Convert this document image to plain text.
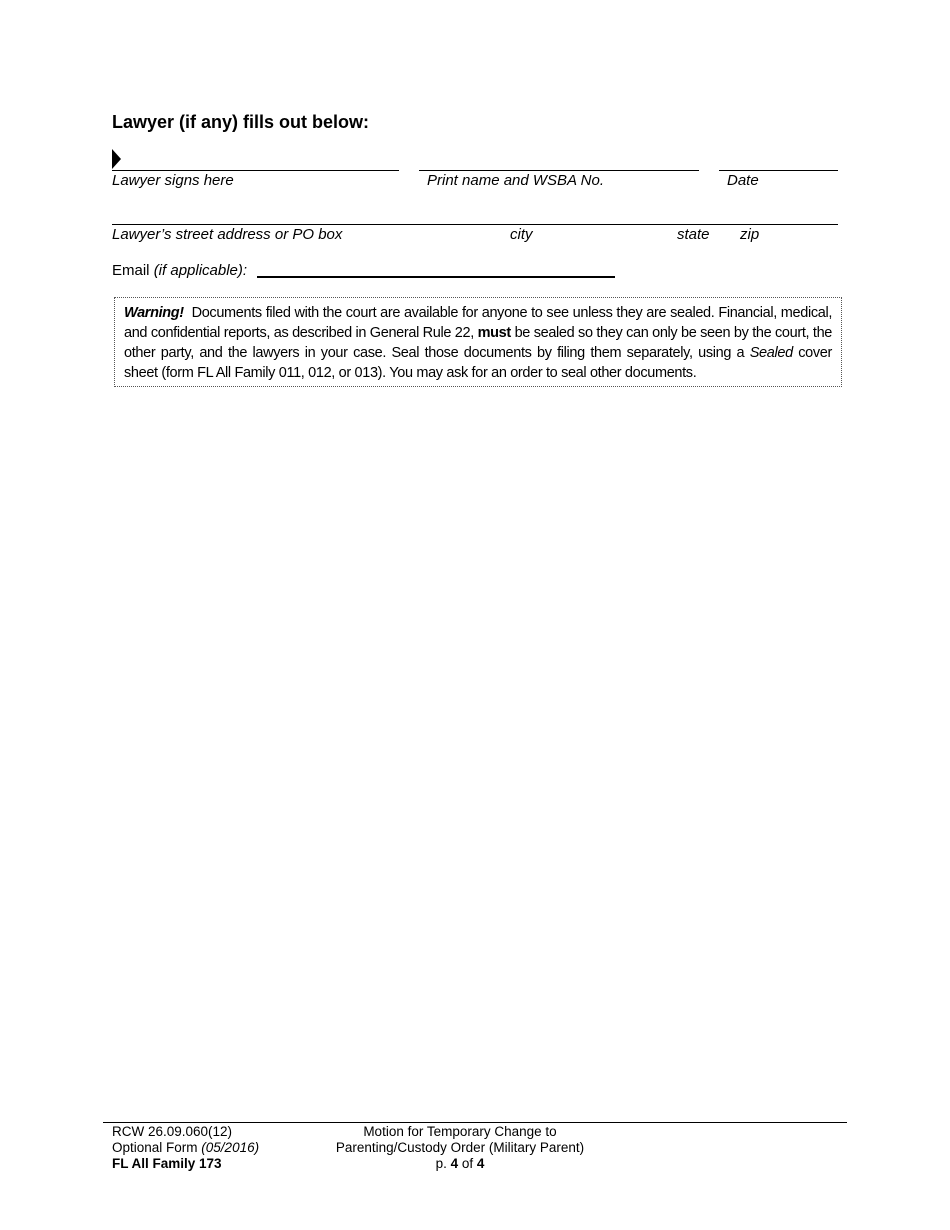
Lawyer (if any) fills out below:
Lawyer signs here	Print name and WSBA No.	Date
Lawyer’s street address or PO box	city	state zip
Email (if applicable):
Warning! Documents filed with the court are available for anyone to see unless they are sealed. Financial, medical, and confidential reports, as described in General Rule 22, must be sealed so they can only be seen by the court, the other party, and the lawyers in your case. Seal those documents by filing them separately, using a Sealed cover sheet (form FL All Family 011, 012, or 013). You may ask for an order to seal other documents.
RCW 26.09.060(12)
Optional Form (05/2016)
FL All Family 173
Motion for Temporary Change to
Parenting/Custody Order (Military Parent)
p. 4 of 4
